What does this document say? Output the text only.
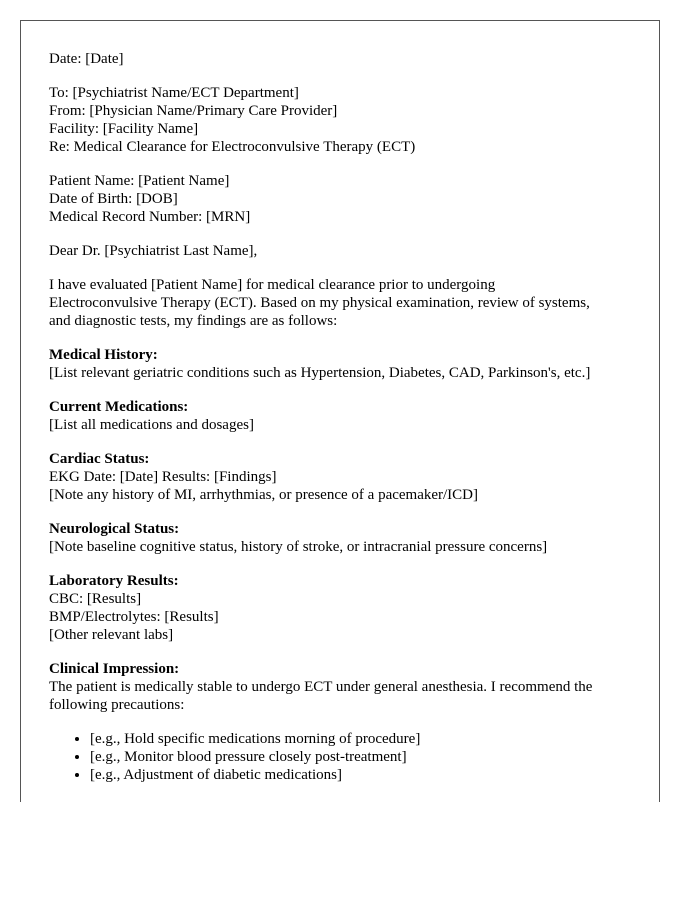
Date: [Date]
To: [Psychiatrist Name/ECT Department]
From: [Physician Name/Primary Care Provider]
Facility: [Facility Name]
Re: Medical Clearance for Electroconvulsive Therapy (ECT)
Patient Name: [Patient Name]
Date of Birth: [DOB]
Medical Record Number: [MRN]
Dear Dr. [Psychiatrist Last Name],
I have evaluated [Patient Name] for medical clearance prior to undergoing
Electroconvulsive Therapy (ECT). Based on my physical examination, review of systems,
and diagnostic tests, my findings are as follows:
Medical History:
[List relevant geriatric conditions such as Hypertension, Diabetes, CAD, Parkinson's, etc.]
Current Medications:
[List all medications and dosages]
Cardiac Status:
EKG Date: [Date] Results: [Findings]
[Note any history of MI, arrhythmias, or presence of a pacemaker/ICD]
Neurological Status:
[Note baseline cognitive status, history of stroke, or intracranial pressure concerns]
Laboratory Results:
CBC: [Results]
BMP/Electrolytes: [Results]
[Other relevant labs]
Clinical Impression:
The patient is medically stable to undergo ECT under general anesthesia. I recommend the
following precautions:
• [e.g., Hold specific medications morning of procedure]
• [e.g., Monitor blood pressure closely post-treatment]
• [e.g., Adjustment of diabetic medications]
